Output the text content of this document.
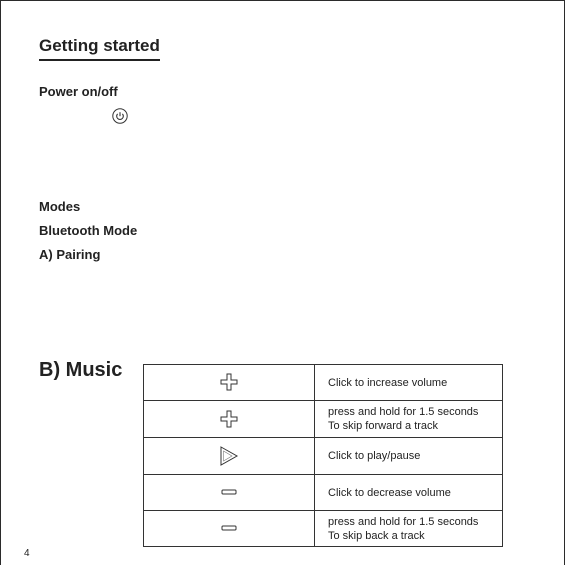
Getting started
Power on/off
Modes
Bluetooth Mode
A) Pairing
B) Music

Click to increase volume

press and hold for 1.5 seconds
To skip forward a track

Click to play/pause

Click to decrease volume

press and hold for 1.5 seconds
To skip back a track
4
